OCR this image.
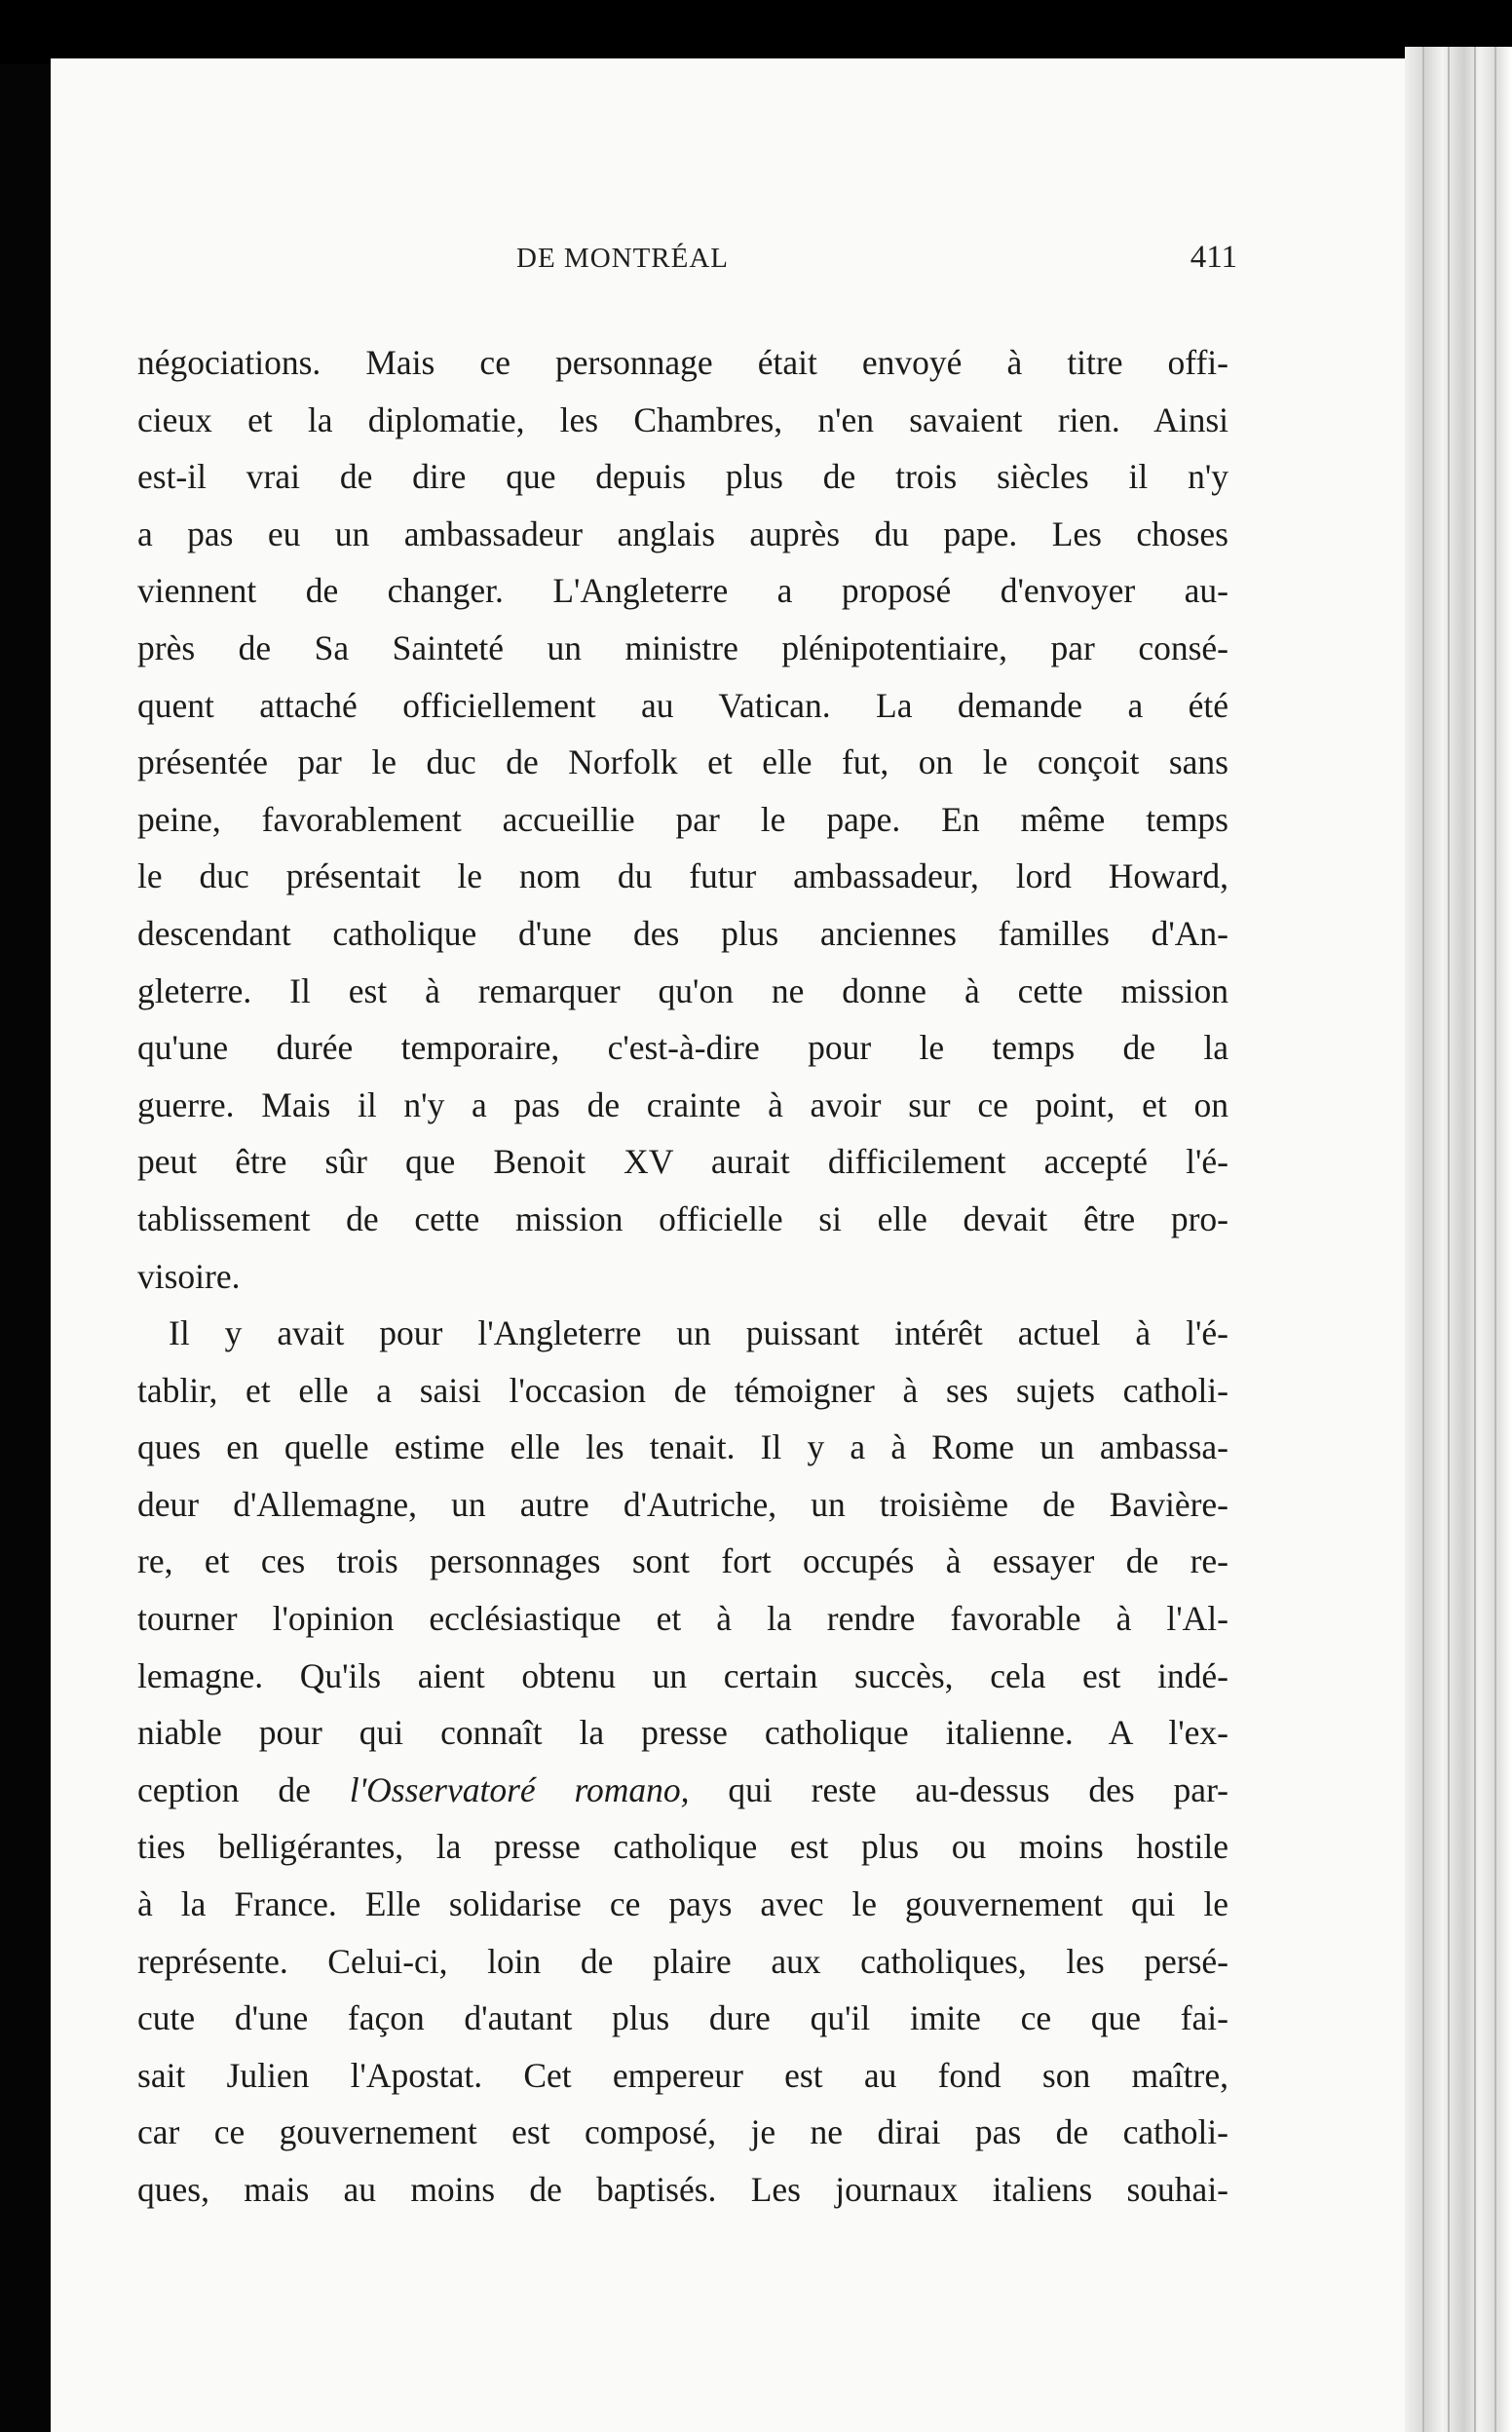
DE MONTRÉAL	411
négociations. Mais ce personnage était envoyé à titre offi-
cieux et la diplomatie, les Chambres, n'en savaient rien. Ainsi
est-il vrai de dire que depuis plus de trois siècles il n'y
a pas eu un ambassadeur anglais auprès du pape. Les choses
viennent de changer. L'Angleterre a proposé d'envoyer au-
près de Sa Sainteté un ministre plénipotentiaire, par consé-
quent attaché officiellement au Vatican. La demande a été
présentée par le duc de Norfolk et elle fut, on le conçoit sans
peine, favorablement accueillie par le pape. En même temps
le duc présentait le nom du futur ambassadeur, lord Howard,
descendant catholique d'une des plus anciennes familles d'An-
gleterre. Il est à remarquer qu'on ne donne à cette mission
qu'une durée temporaire, c'est-à-dire pour le temps de la
guerre. Mais il n'y a pas de crainte à avoir sur ce point, et on
peut être sûr que Benoit XV aurait difficilement accepté l'é-
tablissement de cette mission officielle si elle devait être pro-
visoire.
Il y avait pour l'Angleterre un puissant intérêt actuel à l'é-
tablir, et elle a saisi l'occasion de témoigner à ses sujets catholi-
ques en quelle estime elle les tenait. Il y a à Rome un ambassa-
deur d'Allemagne, un autre d'Autriche, un troisième de Bavière-
re, et ces trois personnages sont fort occupés à essayer de re-
tourner l'opinion ecclésiastique et à la rendre favorable à l'Al-
lemagne. Qu'ils aient obtenu un certain succès, cela est indé-
niable pour qui connaît la presse catholique italienne. A l'ex-
ception de l'Osservatoré romano, qui reste au-dessus des par-
ties belligérantes, la presse catholique est plus ou moins hostile
à la France. Elle solidarise ce pays avec le gouvernement qui le
représente. Celui-ci, loin de plaire aux catholiques, les persé-
cute d'une façon d'autant plus dure qu'il imite ce que fai-
sait Julien l'Apostat. Cet empereur est au fond son maître,
car ce gouvernement est composé, je ne dirai pas de catholi-
ques, mais au moins de baptisés. Les journaux italiens souhai-
